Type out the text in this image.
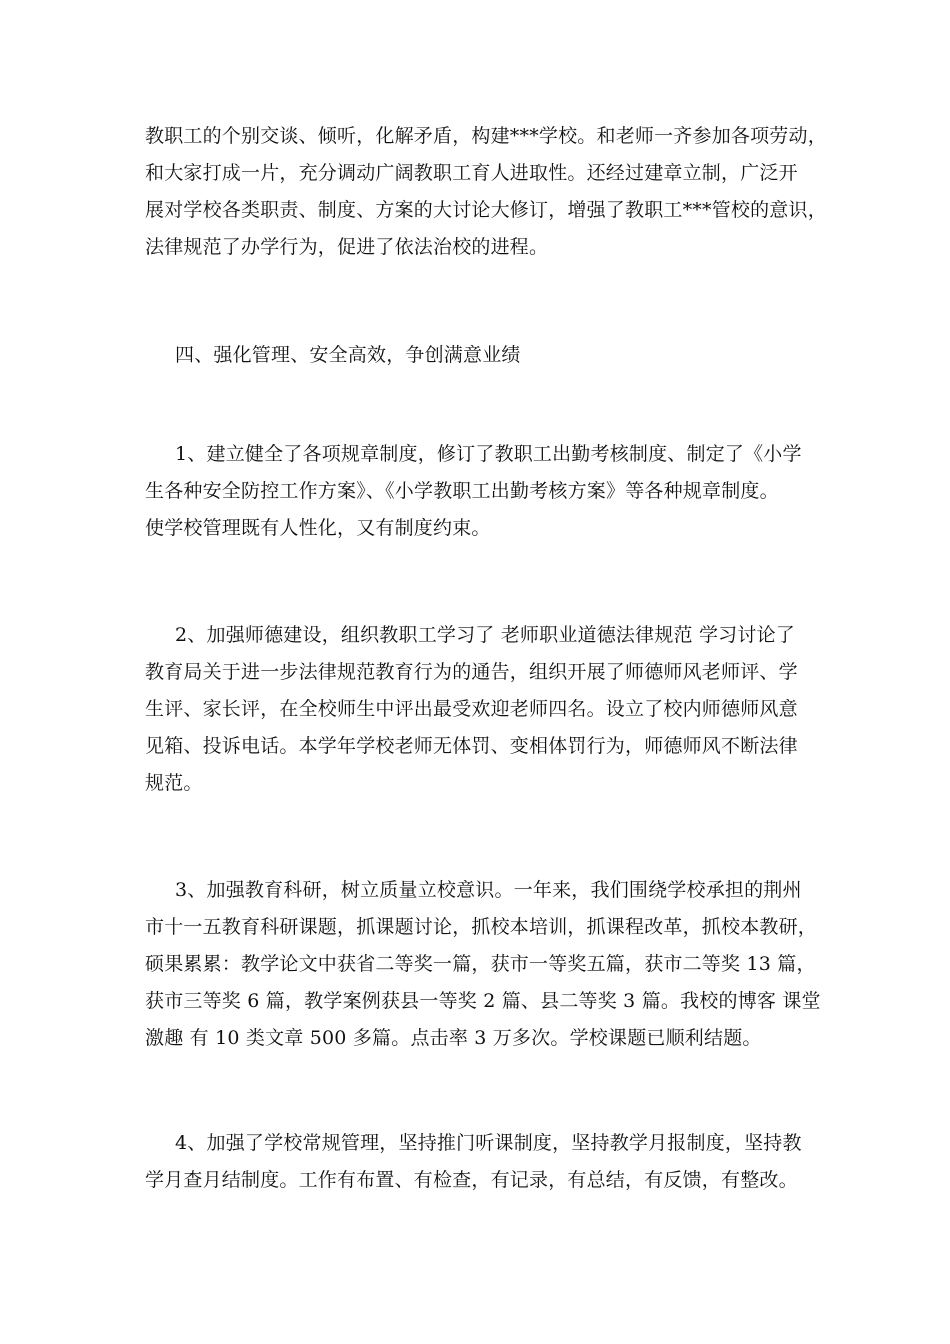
教职工的个别交谈、倾听，化解矛盾，构建***学校。和老师一齐参加各项劳动，
和大家打成一片，充分调动广阔教职工育人进取性。还经过建章立制，广泛开
展对学校各类职责、制度、方案的大讨论大修订，增强了教职工***管校的意识，
法律规范了办学行为，促进了依法治校的进程。
四、强化管理、安全高效，争创满意业绩
1、建立健全了各项规章制度，修订了教职工出勤考核制度、制定了《小学
生各种安全防控工作方案》、《小学教职工出勤考核方案》等各种规章制度。
使学校管理既有人性化，又有制度约束。
2、加强师德建设，组织教职工学习了 老师职业道德法律规范 学习讨论了
教育局关于进一步法律规范教育行为的通告，组织开展了师德师风老师评、学
生评、家长评，在全校师生中评出最受欢迎老师四名。设立了校内师德师风意
见箱、投诉电话。本学年学校老师无体罚、变相体罚行为，师德师风不断法律
规范。
3、加强教育科研，树立质量立校意识。一年来，我们围绕学校承担的荆州
市十一五教育科研课题，抓课题讨论，抓校本培训，抓课程改革，抓校本教研，
硕果累累：教学论文中获省二等奖一篇，获市一等奖五篇，获市二等奖 13 篇，
获市三等奖 6 篇，教学案例获县一等奖 2 篇、县二等奖 3 篇。我校的博客 课堂
激趣 有 10 类文章 500 多篇。点击率 3 万多次。学校课题已顺利结题。
4、加强了学校常规管理，坚持推门听课制度，坚持教学月报制度，坚持教
学月查月结制度。工作有布置、有检查，有记录，有总结，有反馈，有整改。
